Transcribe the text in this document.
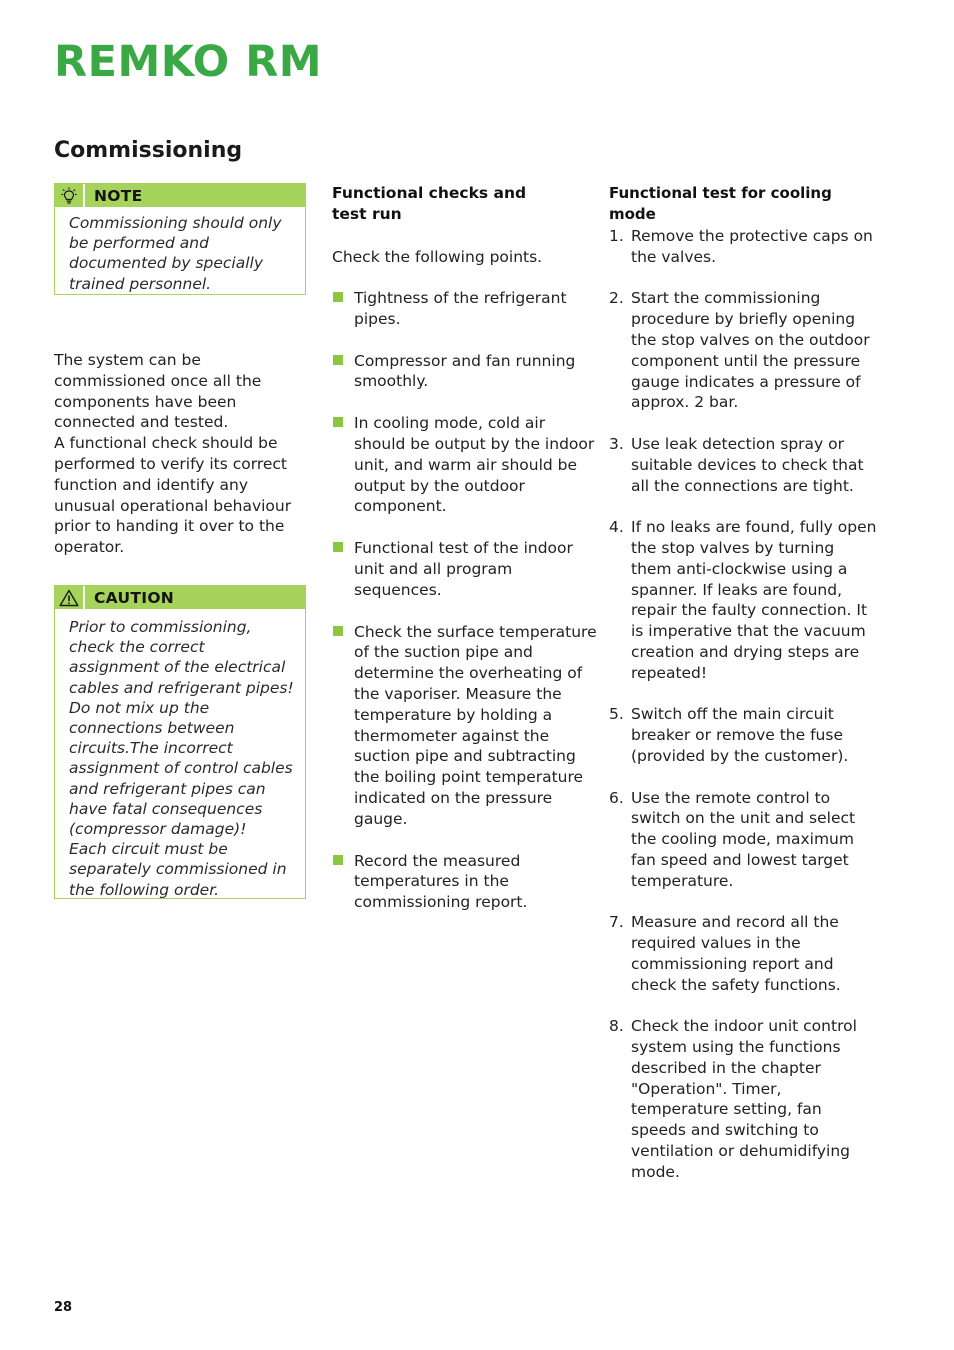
REMKO RM
Commissioning
NOTE

Commissioning should only be performed and documented by specially trained personnel.

The system can be commissioned once all the components have been connected and tested.

A functional check should be performed to verify its correct function and identify any unusual operational behaviour prior to handing it over to the operator.

CAUTION

Prior to commissioning, check the correct assignment of the electrical cables and refrigerant pipes!

Do not mix up the connections between circuits.The incorrect assignment of control cables and refrigerant pipes can have fatal consequences (compressor damage)!

Each circuit must be separately commissioned in the following order.

Functional checks and test run

Check the following points.

Tightness of the refrigerant pipes.
Compressor and fan running smoothly.
In cooling mode, cold air should be output by the indoor unit, and warm air should be output by the outdoor component.
Functional test of the indoor unit and all program sequences.
Check the surface temperature of the suction pipe and determine the overheating of the vaporiser. Measure the temperature by holding a thermometer against the suction pipe and subtracting the boiling point temperature indicated on the pressure gauge.
Record the measured temperatures in the commissioning report.
Functional test for cooling mode
1. Remove the protective caps on the valves.
2. Start the commissioning procedure by briefly opening the stop valves on the outdoor component until the pressure gauge indicates a pressure of approx. 2 bar.
3. Use leak detection spray or suitable devices to check that all the connections are tight.
4. If no leaks are found, fully open the stop valves by turning them anti-clockwise using a spanner. If leaks are found, repair the faulty connection. It is imperative that the vacuum creation and drying steps are repeated!
5. Switch off the main circuit breaker or remove the fuse (provided by the customer).
6. Use the remote control to switch on the unit and select the cooling mode, maximum fan speed and lowest target temperature.
7. Measure and record all the required values in the commissioning report and check the safety functions.
8. Check the indoor unit control system using the functions described in the chapter "Operation". Timer, temperature setting, fan speeds and switching to ventilation or dehumidifying mode.
28
